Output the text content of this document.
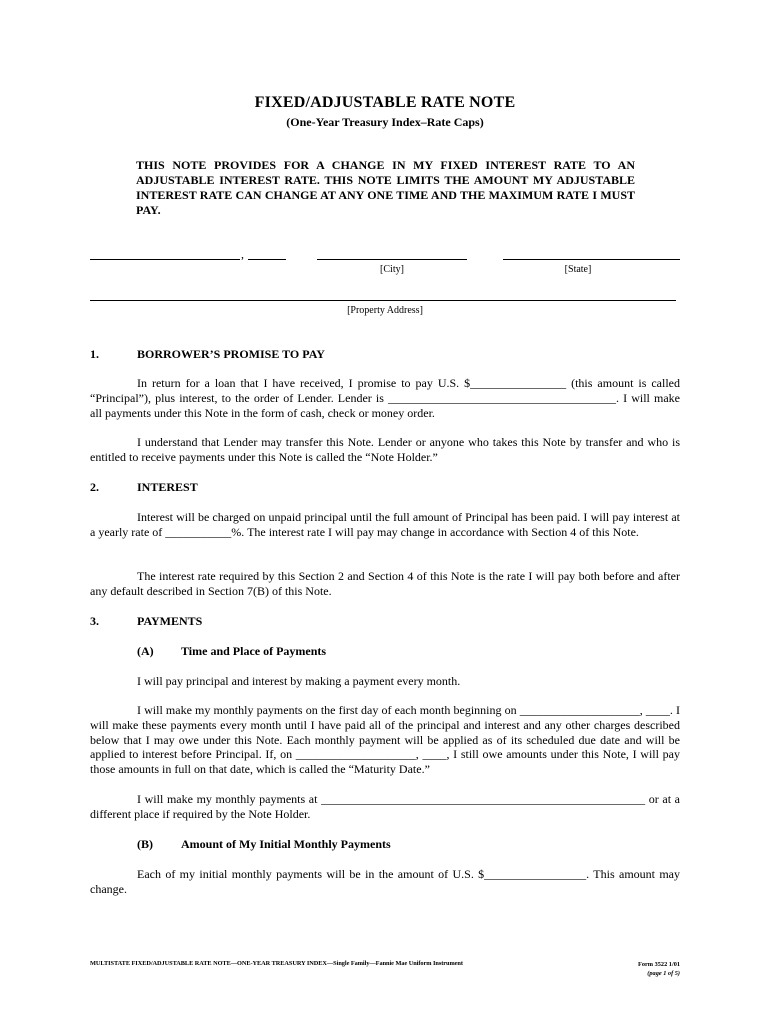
FIXED/ADJUSTABLE RATE NOTE
(One-Year Treasury Index–Rate Caps)
THIS NOTE PROVIDES FOR A CHANGE IN MY FIXED INTEREST RATE TO AN ADJUSTABLE INTEREST RATE. THIS NOTE LIMITS THE AMOUNT MY ADJUSTABLE INTEREST RATE CAN CHANGE AT ANY ONE TIME AND THE MAXIMUM RATE I MUST PAY.
,
[City]	[State]
[Property Address]
1.	BORROWER’S PROMISE TO PAY
In return for a loan that I have received, I promise to pay U.S. $________________ (this amount is called “Principal”), plus interest, to the order of Lender. Lender is ______________________________________. I will make all payments under this Note in the form of cash, check or money order.
I understand that Lender may transfer this Note. Lender or anyone who takes this Note by transfer and who is entitled to receive payments under this Note is called the “Note Holder.”
2.	INTEREST
Interest will be charged on unpaid principal until the full amount of Principal has been paid. I will pay interest at a yearly rate of ___________%. The interest rate I will pay may change in accordance with Section 4 of this Note.
The interest rate required by this Section 2 and Section 4 of this Note is the rate I will pay both before and after any default described in Section 7(B) of this Note.
3.	PAYMENTS
(A) Time and Place of Payments
I will pay principal and interest by making a payment every month.
I will make my monthly payments on the first day of each month beginning on ____________________, ____. I will make these payments every month until I have paid all of the principal and interest and any other charges described below that I may owe under this Note. Each monthly payment will be applied as of its scheduled due date and will be applied to interest before Principal. If, on ____________________, ____, I still owe amounts under this Note, I will pay those amounts in full on that date, which is called the “Maturity Date.”
I will make my monthly payments at ______________________________________________________ or at a different place if required by the Note Holder.
(B) Amount of My Initial Monthly Payments
Each of my initial monthly payments will be in the amount of U.S. $_________________. This amount may change.
MULTISTATE FIXED/ADJUSTABLE RATE NOTE—ONE-YEAR TREASURY INDEX—Single Family—Fannie Mae Uniform Instrument	Form 3522 1/01
(page 1 of 5)
